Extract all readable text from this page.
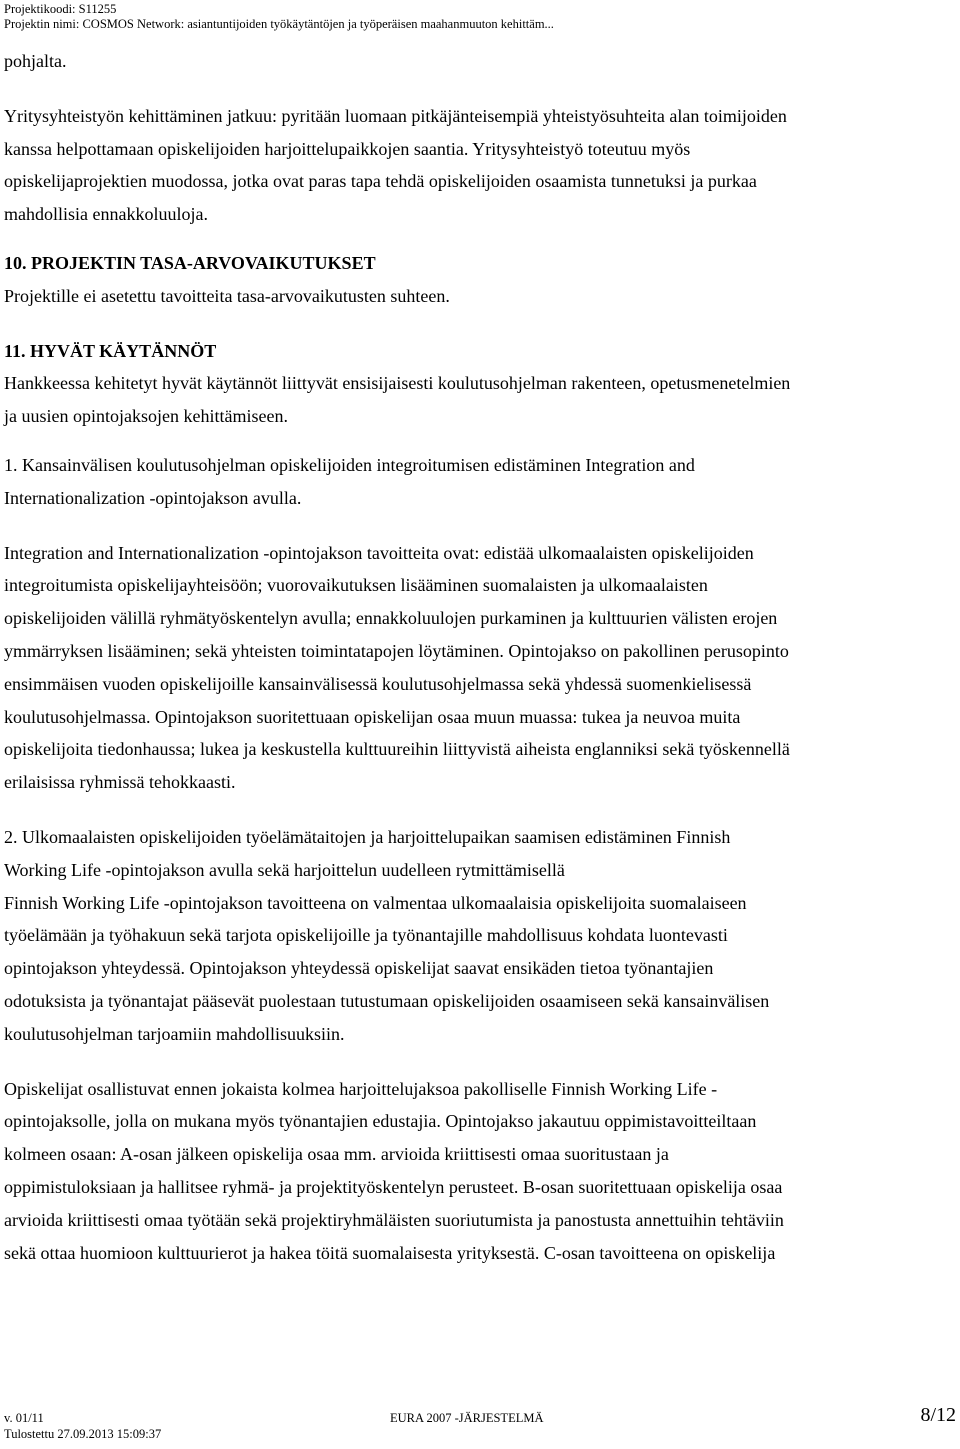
Projektikoodi: S11255
Projektin nimi: COSMOS Network: asiantuntijoiden työkäytäntöjen ja työperäisen maahanmuuton kehittäm...

pohjalta.

Yritysyhteistyön kehittäminen jatkuu: pyritään luomaan pitkäjänteisempiä yhteistyösuhteita alan toimijoiden

kanssa helpottamaan opiskelijoiden harjoittelupaikkojen saantia. Yritysyhteistyö toteutuu myös

opiskelijaprojektien muodossa, jotka ovat paras tapa tehdä opiskelijoiden osaamista tunnetuksi ja purkaa

mahdollisia ennakkoluuloja.

10. PROJEKTIN TASA-ARVOVAIKUTUKSET

Projektille ei asetettu tavoitteita tasa-arvovaikutusten suhteen.

11. HYVÄT KÄYTÄNNÖT

Hankkeessa kehitetyt hyvät käytännöt liittyvät ensisijaisesti koulutusohjelman rakenteen, opetusmenetelmien

ja uusien opintojaksojen kehittämiseen.

1. Kansainvälisen koulutusohjelman opiskelijoiden integroitumisen edistäminen Integration and

Internationalization -opintojakson avulla.

Integration and Internationalization -opintojakson tavoitteita ovat: edistää ulkomaalaisten opiskelijoiden

integroitumista opiskelijayhteisöön; vuorovaikutuksen lisääminen suomalaisten ja ulkomaalaisten

opiskelijoiden välillä ryhmätyöskentelyn avulla; ennakkoluulojen purkaminen ja kulttuurien välisten erojen

ymmärryksen lisääminen; sekä yhteisten toimintatapojen löytäminen. Opintojakso on pakollinen perusopinto

ensimmäisen vuoden opiskelijoille kansainvälisessä koulutusohjelmassa sekä yhdessä suomenkielisessä

koulutusohjelmassa. Opintojakson suoritettuaan opiskelijan osaa muun muassa: tukea ja neuvoa muita

opiskelijoita tiedonhaussa; lukea ja keskustella kulttuureihin liittyvistä aiheista englanniksi sekä työskennellä

erilaisissa ryhmissä tehokkaasti.

2. Ulkomaalaisten opiskelijoiden työelämätaitojen ja harjoittelupaikan saamisen edistäminen Finnish

Working Life -opintojakson avulla sekä harjoittelun uudelleen rytmittämisellä

Finnish Working Life -opintojakson tavoitteena on valmentaa ulkomaalaisia opiskelijoita suomalaiseen

työelämään ja työhakuun sekä tarjota opiskelijoille ja työnantajille mahdollisuus kohdata luontevasti

opintojakson yhteydessä. Opintojakson yhteydessä opiskelijat saavat ensikäden tietoa työnantajien

odotuksista ja työnantajat pääsevät puolestaan tutustumaan opiskelijoiden osaamiseen sekä kansainvälisen

koulutusohjelman tarjoamiin mahdollisuuksiin.

Opiskelijat osallistuvat ennen jokaista kolmea harjoittelujaksoa pakolliselle Finnish Working Life -

opintojaksolle, jolla on mukana myös työnantajien edustajia. Opintojakso jakautuu oppimistavoitteiltaan

kolmeen osaan: A-osan jälkeen opiskelija osaa mm. arvioida kriittisesti omaa suoritustaan ja

oppimistuloksiaan ja hallitsee ryhmä- ja projektityöskentelyn perusteet. B-osan suoritettuaan opiskelija osaa

arvioida kriittisesti omaa työtään sekä projektiryhmäläisten suoriutumista ja panostusta annettuihin tehtäviin

sekä ottaa huomioon kulttuurierot ja hakea töitä suomalaisesta yrityksestä. C-osan tavoitteena on opiskelija

v. 01/11
Tulostettu 27.09.2013 15:09:37
EURA 2007 -JÄRJESTELMÄ	8/12
